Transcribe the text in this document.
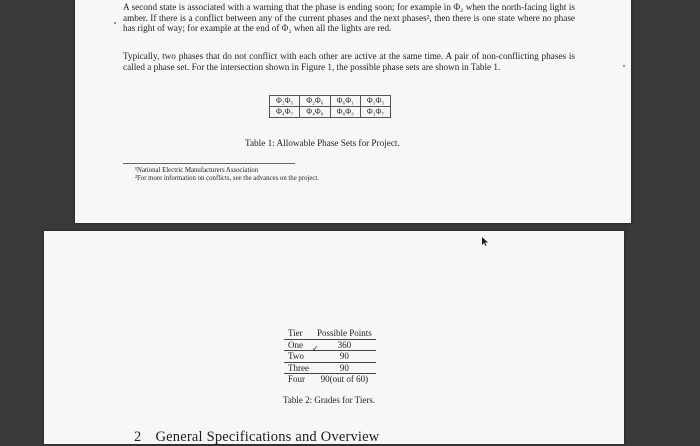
A second state is associated with a warning that the phase is ending soon; for example in Φ₂ when the north-facing light is amber. If there is a conflict between any of the current phases and the next phases², then there is one state where no phase has right of way; for example at the end of Φ₂ when all the lights are red.
Typically, two phases that do not conflict with each other are active at the same time. A pair of non-conflicting phases is called a phase set. For the intersection shown in Figure 1, the possible phase sets are shown in Table 1.
Φ₂Φ₅	Φ₂Φ₆	Φ₆Φ₁	Φ₁Φ₅
Φ₄Φ₇	Φ₄Φ₈	Φ₈Φ₃	Φ₃Φ₇
Table 1: Allowable Phase Sets for Project.
¹National Electric Manufacturers Association
²For more information on conflicts, see the advances on the project.
Tier	Possible Points
One	360
Two	90
Three	90
Four	90(out of 60)
✓
Table 2: Grades for Tiers.
2 General Specifications and Overview
